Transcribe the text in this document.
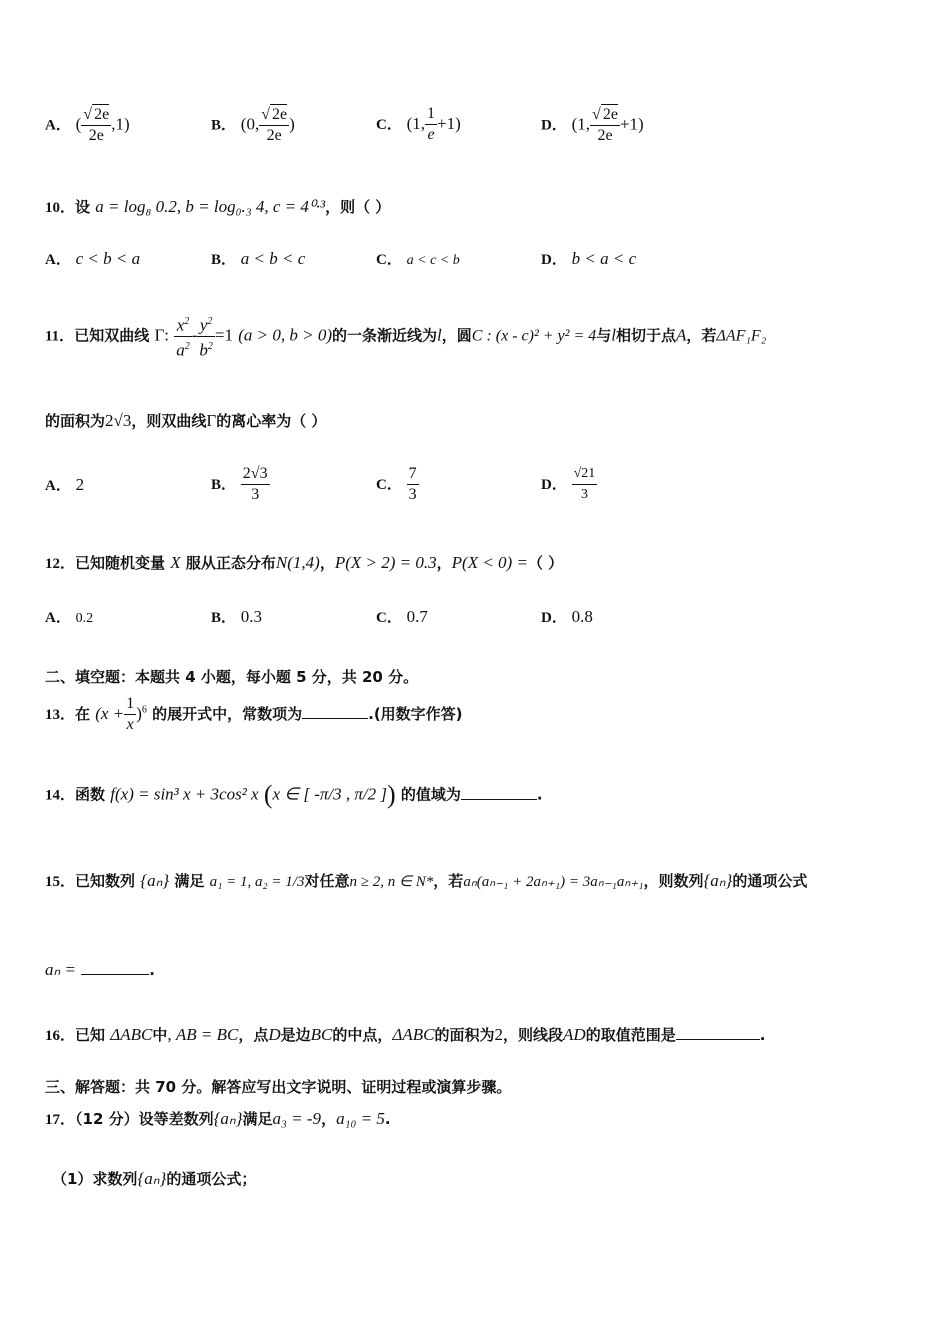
A． ( $\frac{√ 2e}{2e} ,1$)	B． (0, $\frac{√ 2e}{2e}$ )	C． (1, $\frac{1}{e} +1$)	D． (1, $\frac{√ 2e}{2e} +1$)
10．设 a = log₈ 0.2, b = log₀.₃ 4, c = 4⁰·³，则（ ）
A． c < b < a	B． a < b < c	C． a < c < b	D． b < a < c
11．已知双曲线 Γ: $\frac{x^2}{a^2} - \frac{y^2}{b^2} =1$ (a > 0, b > 0)的一条渐近线为l，圆C : (x - c)² + y² = 4与l相切于点A，若ΔAF₁F₂
的面积为2√3，则双曲线Γ的离心率为（ ）
A． 2	B． $\frac{2√3}{3}$	C． $\frac{7}{3}$	D． $\frac{√21}{3}$
12．已知随机变量 X 服从正态分布N(1,4)，P(X > 2) = 0.3，P(X < 0) =（ ）
A． 0.2	B． 0.3	C． 0.7	D． 0.8
二、填空题：本题共 4 小题，每小题 5 分，共 20 分。
13．在 $(x + \frac{1}{x} )^6$ 的展开式中，常数项为	.(用数字作答)
14．函数 f(x) = sin³ x + 3cos² x (x ∈ [ -π/3 , π/2 ]) 的值域为	.
15．已知数列 {aₙ} 满足 a₁ = 1, a₂ = 1/3对任意n ≥ 2, n ∈ N*，若aₙ(aₙ₋₁ + 2aₙ₊₁) = 3aₙ₋₁aₙ₊₁，则数列{aₙ}的通项公式
aₙ =	.
16．已知 ΔABC中, AB = BC，点D是边BC的中点，ΔABC的面积为2，则线段AD的取值范围是	.
三、解答题：共 70 分。解答应写出文字说明、证明过程或演算步骤。
17．（12 分）设等差数列{aₙ}满足a₃ = -9，a₁₀ = 5.
（1）求数列{aₙ}的通项公式；
